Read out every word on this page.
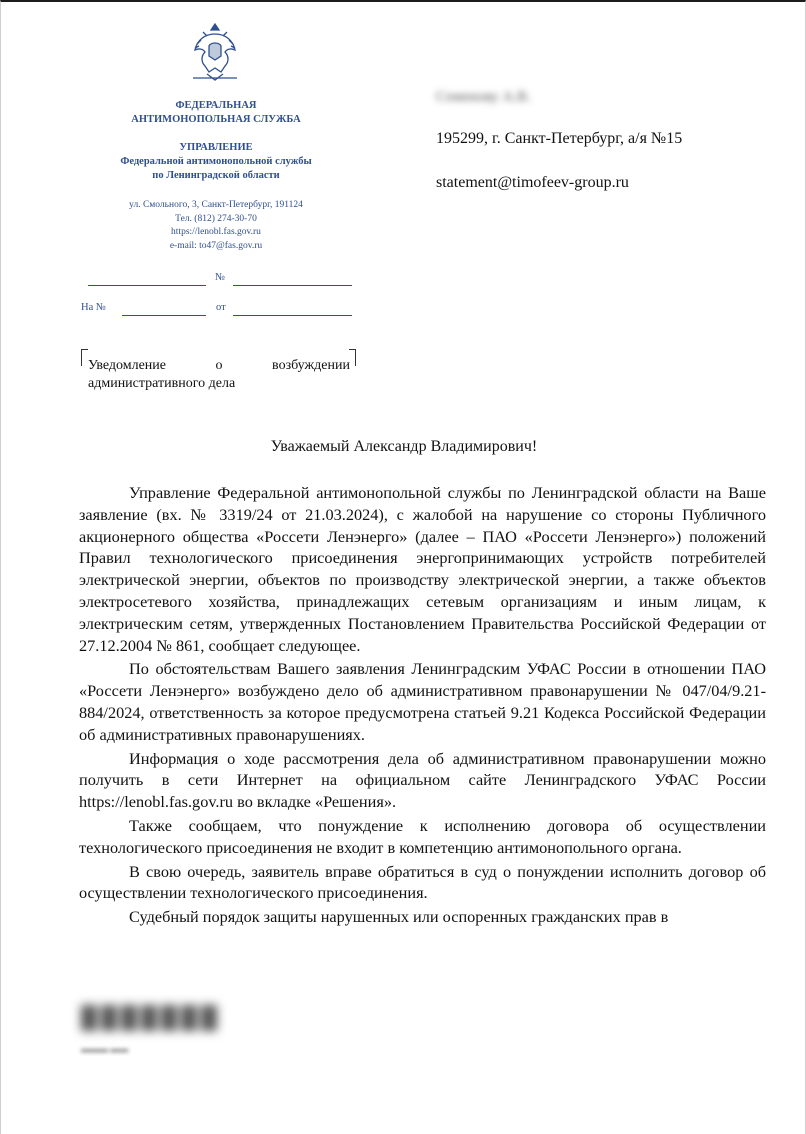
ФЕДЕРАЛЬНАЯ
АНТИМОНОПОЛЬНАЯ СЛУЖБА
УПРАВЛЕНИЕ
Федеральной антимонопольной службы
по Ленинградской области
ул. Смольного, 3, Санкт-Петербург, 191124
Тел. (812) 274-30-70
https://lenobl.fas.gov.ru
e-mail: to47@fas.gov.ru
№
На №	от
Уведомление о возбуждении
административного дела
Семенову А.В.
195299, г. Санкт-Петербург, а/я №15
statement@timofeev-group.ru
Уважаемый Александр Владимирович!

Управление Федеральной антимонопольной службы по Ленинградской области на Ваше заявление (вх. № 3319/24 от 21.03.2024), с жалобой на нарушение со стороны Публичного акционерного общества «Россети Ленэнерго» (далее – ПАО «Россети Ленэнерго») положений Правил технологического присоединения энергопринимающих устройств потребителей электрической энергии, объектов по производству электрической энергии, а также объектов электросетевого хозяйства, принадлежащих сетевым организациям и иным лицам, к электрическим сетям, утвержденных Постановлением Правительства Российской Федерации от 27.12.2004 № 861, сообщает следующее.

По обстоятельствам Вашего заявления Ленинградским УФАС России в отношении ПАО «Россети Ленэнерго» возбуждено дело об административном правонарушении № 047/04/9.21-884/2024, ответственность за которое предусмотрена статьей 9.21 Кодекса Российской Федерации об административных правонарушениях.

Информация о ходе рассмотрения дела об административном правонарушении можно получить в сети Интернет на официальном сайте Ленинградского УФАС России https://lenobl.fas.gov.ru во вкладке «Решения».

Также сообщаем, что понуждение к исполнению договора об осуществлении технологического присоединения не входит в компетенцию антимонопольного органа.

В свою очередь, заявитель вправе обратиться в суд о понуждении исполнить договор об осуществлении технологического присоединения.

Судебный порядок защиты нарушенных или оспоренных гражданских прав в

▬▬▬ ▬▬
